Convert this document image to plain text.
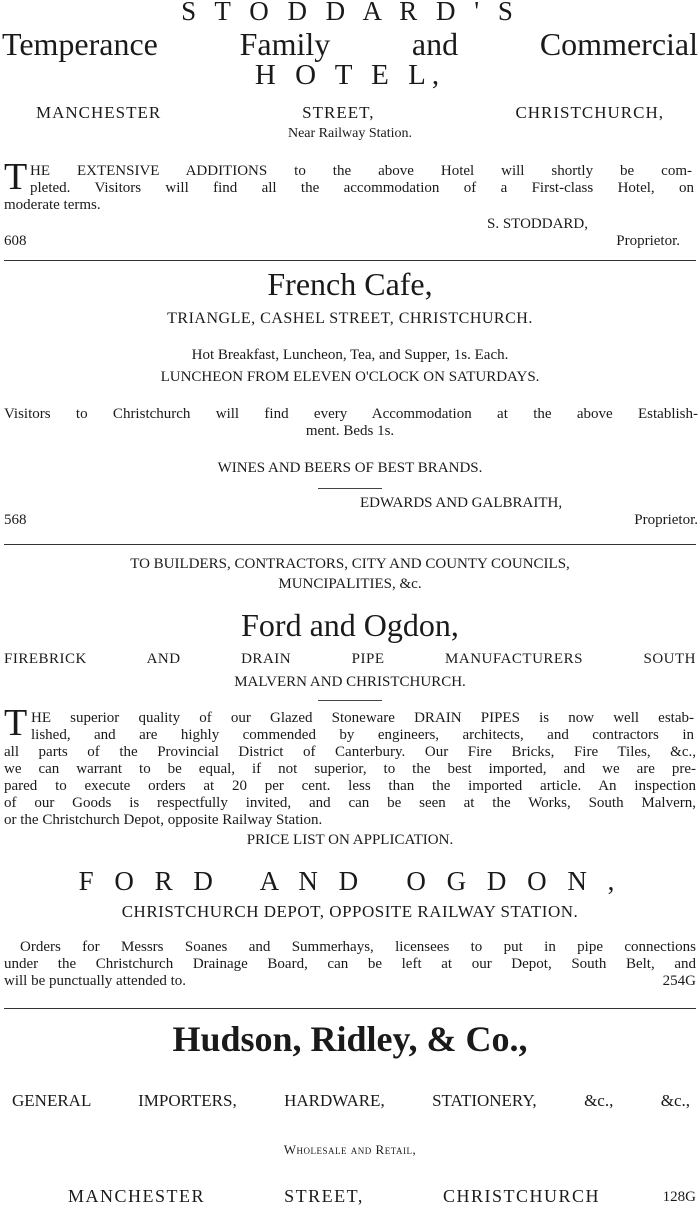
S T O D D A R D ' S
Temperance  Family  and  Commercial
H O T E L,
MANCHESTER STREET, CHRISTCHURCH,
Near Railway Station.
T HE EXTENSIVE ADDITIONS to the above Hotel will shortly be com-
pleted. Visitors will find all the accommodation of a First-class Hotel, on
moderate terms.
S. STODDARD,
608	Proprietor.
French Cafe,
TRIANGLE, CASHEL STREET, CHRISTCHURCH.
Hot Breakfast, Luncheon, Tea, and Supper, 1s. Each.
LUNCHEON FROM ELEVEN O'CLOCK ON SATURDAYS.
Visitors to Christchurch will find every Accommodation at the above Establish-
ment. Beds 1s.
WINES AND BEERS OF BEST BRANDS.
EDWARDS AND GALBRAITH,
568	Proprietor.
TO BUILDERS, CONTRACTORS, CITY AND COUNTY COUNCILS,
MUNCIPALITIES, &c.
Ford and Ogdon,
FIREBRICK AND DRAIN PIPE MANUFACTURERS SOUTH
MALVERN AND CHRISTCHURCH.
T HE superior quality of our Glazed Stoneware DRAIN PIPES is now well estab-
lished, and are highly commended by engineers, architects, and contractors in
all parts of the Provincial District of Canterbury. Our Fire Bricks, Fire Tiles, &c.,
we can warrant to be equal, if not superior, to the best imported, and we are pre-
pared to execute orders at 20 per cent. less than the imported article. An inspection
of our Goods is respectfully invited, and can be seen at the Works, South Malvern,
or the Christchurch Depot, opposite Railway Station.
PRICE LIST ON APPLICATION.
F O R D   A N D   O G D O N ,
CHRISTCHURCH DEPOT, OPPOSITE RAILWAY STATION.
Orders for Messrs Soanes and Summerhays, licensees to put in pipe connections
under the Christchurch Drainage Board, can be left at our Depot, South Belt, and
will be punctually attended to.	254G
Hudson, Ridley, & Co.,
GENERAL IMPORTERS, HARDWARE, STATIONERY, &c., &c.,
Wholesale and Retail,
MANCHESTER   STREET,   CHRISTCHURCH	128G
